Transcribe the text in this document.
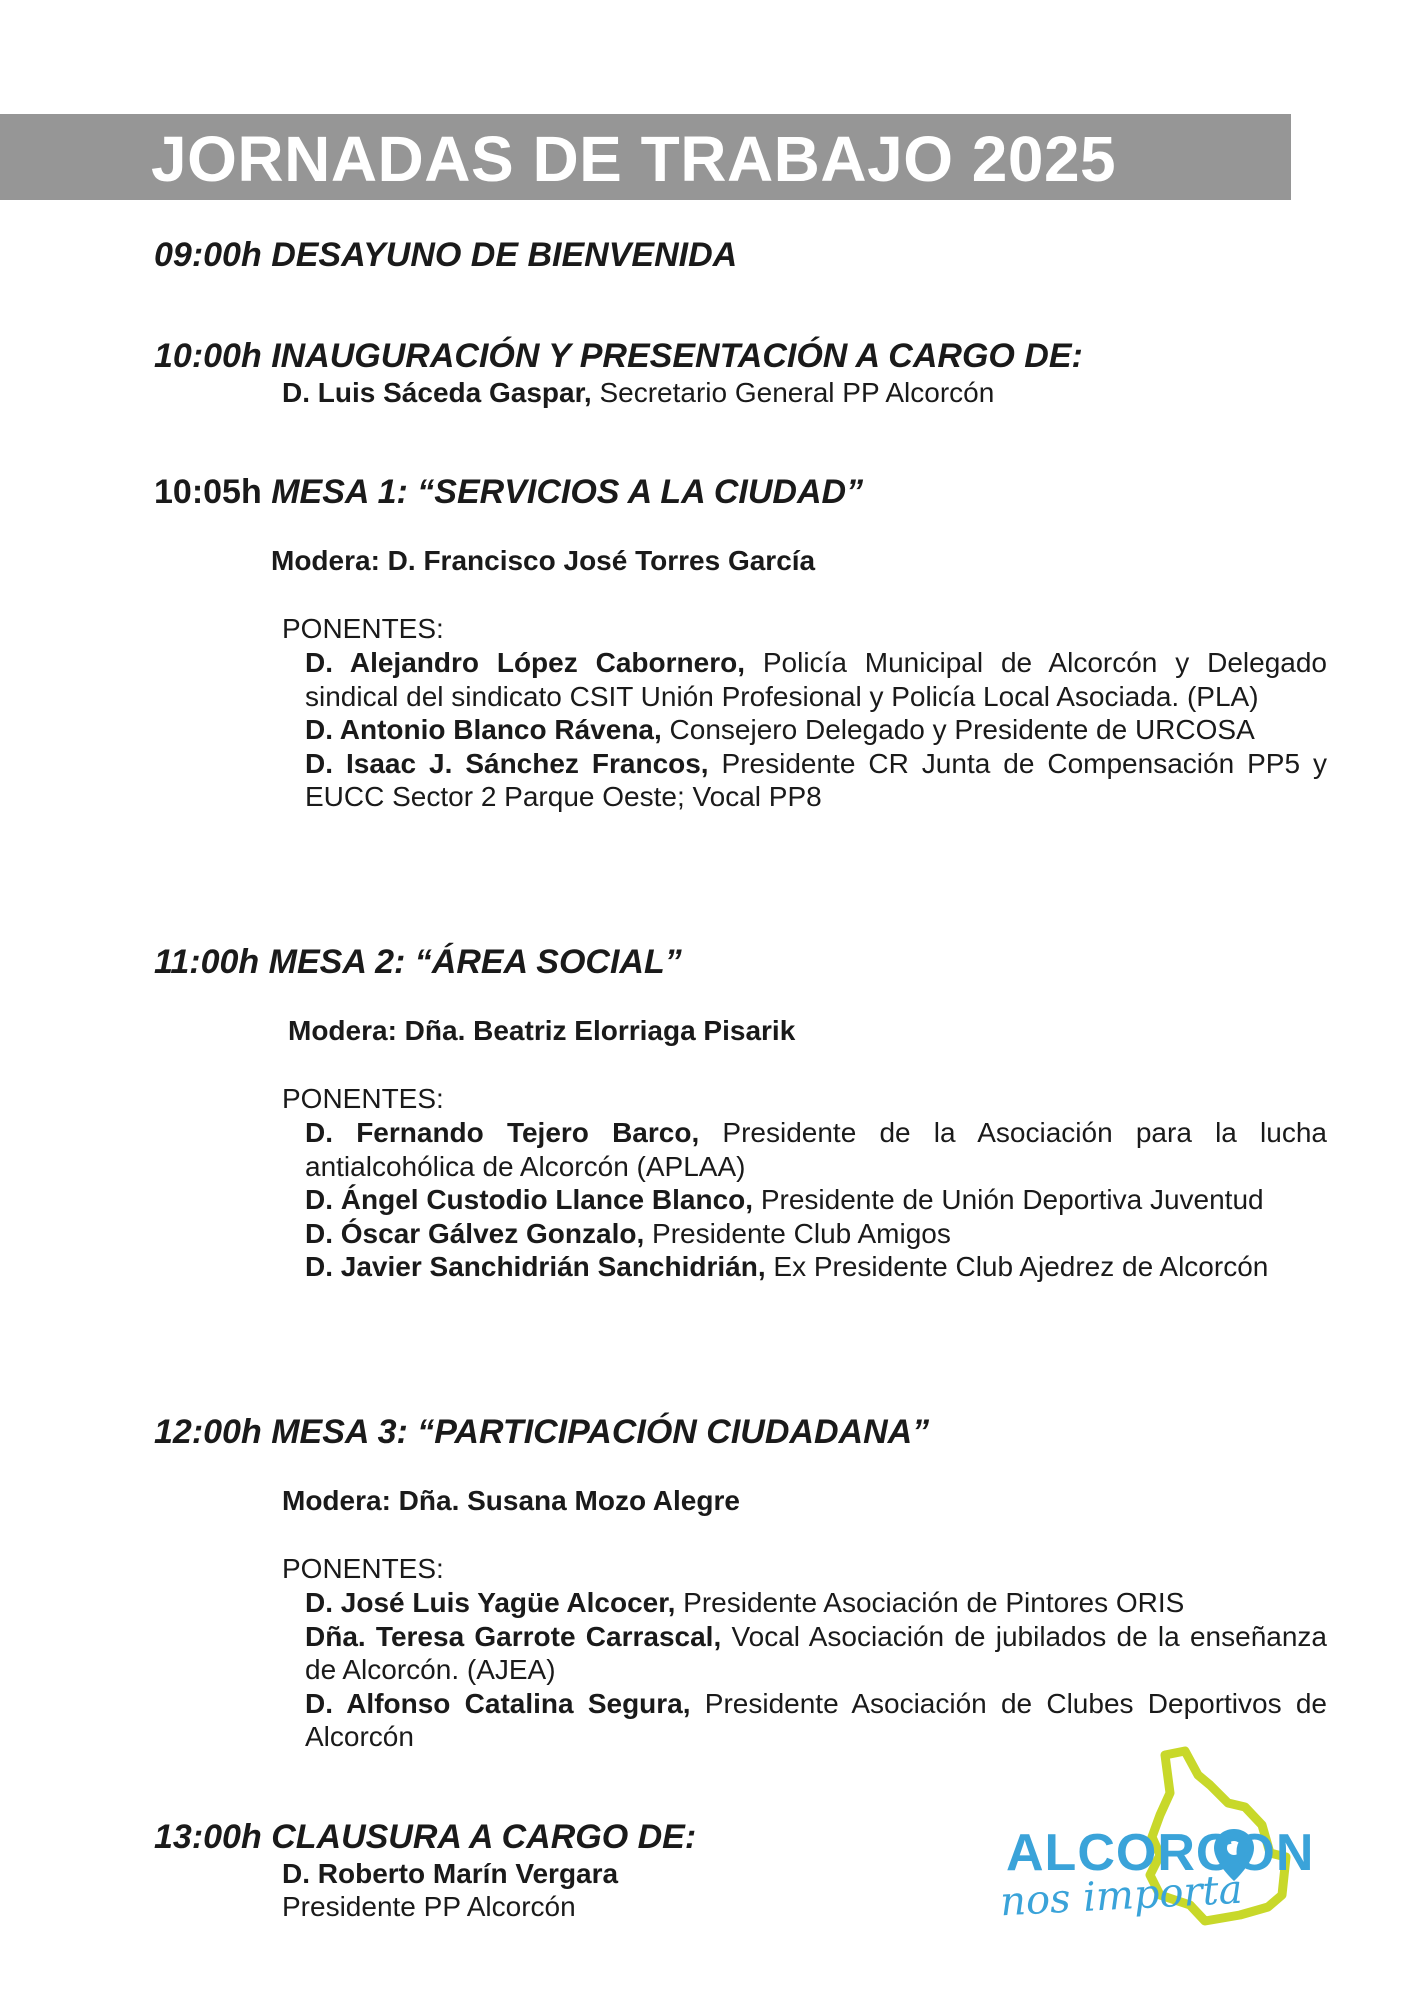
JORNADAS DE TRABAJO 2025
09:00h DESAYUNO DE BIENVENIDA
10:00h INAUGURACIÓN Y PRESENTACIÓN A CARGO DE:
D. Luis Sáceda Gaspar, Secretario General PP Alcorcón
10:05h MESA 1: “SERVICIOS A LA CIUDAD”
Modera: D. Francisco José Torres García
PONENTES:
D. Alejandro López Cabornero, Policía Municipal de Alcorcón y Delegado sindical del sindicato CSIT Unión Profesional y Policía Local Asociada. (PLA)
D. Antonio Blanco Rávena, Consejero Delegado y Presidente de URCOSA
D. Isaac J. Sánchez Francos, Presidente CR Junta de Compensación PP5 y EUCC Sector 2 Parque Oeste; Vocal PP8
11:00h MESA 2: “ÁREA SOCIAL”
Modera: Dña. Beatriz Elorriaga Pisarik
PONENTES:
D. Fernando Tejero Barco, Presidente de la Asociación para la lucha antialcohólica de Alcorcón (APLAA)
D. Ángel Custodio Llance Blanco, Presidente de Unión Deportiva Juventud
D. Óscar Gálvez Gonzalo, Presidente Club Amigos
D. Javier Sanchidrián Sanchidrián, Ex Presidente Club Ajedrez de Alcorcón
12:00h MESA 3: “PARTICIPACIÓN CIUDADANA”
Modera: Dña. Susana Mozo Alegre
PONENTES:
D. José Luis Yagüe Alcocer, Presidente Asociación de Pintores ORIS
Dña. Teresa Garrote Carrascal, Vocal Asociación de jubilados de la enseñanza de Alcorcón. (AJEA)
D. Alfonso Catalina Segura, Presidente Asociación de Clubes Deportivos de Alcorcón
13:00h CLAUSURA A CARGO DE:
D. Roberto Marín Vergara
Presidente PP Alcorcón
ALCORCON
nos importa
